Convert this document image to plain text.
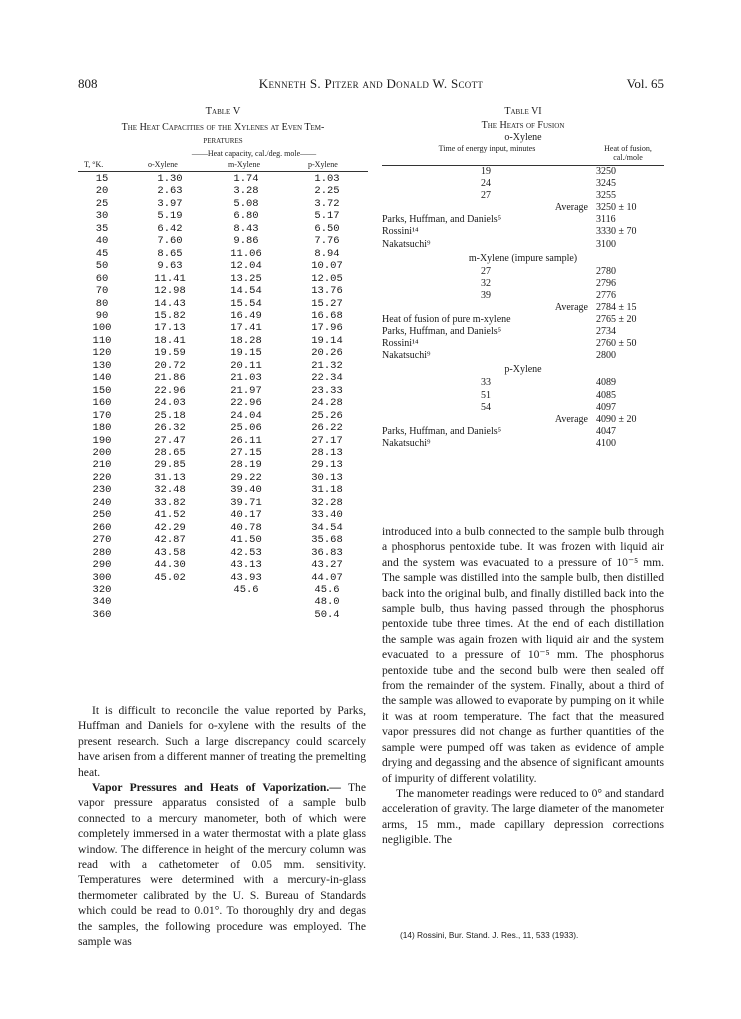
808	Kenneth S. Pitzer and Donald W. Scott	Vol. 65
Table V
The Heat Capacities of the Xylenes at Even Tem-
peratures
——Heat capacity, cal./deg. mole——
T, °K.	o-Xylene	m-Xylene	p-Xylene
15	1.30	1.74	1.03
20	2.63	3.28	2.25
25	3.97	5.08	3.72
30	5.19	6.80	5.17
35	6.42	8.43	6.50
40	7.60	9.86	7.76
45	8.65	11.06	8.94
50	9.63	12.04	10.07
60	11.41	13.25	12.05
70	12.98	14.54	13.76
80	14.43	15.54	15.27
90	15.82	16.49	16.68
100	17.13	17.41	17.96
110	18.41	18.28	19.14
120	19.59	19.15	20.26
130	20.72	20.11	21.32
140	21.86	21.03	22.34
150	22.96	21.97	23.33
160	24.03	22.96	24.28
170	25.18	24.04	25.26
180	26.32	25.06	26.22
190	27.47	26.11	27.17
200	28.65	27.15	28.13
210	29.85	28.19	29.13
220	31.13	29.22	30.13
230	32.48	39.40	31.18
240	33.82	39.71	32.28
250	41.52	40.17	33.40
260	42.29	40.78	34.54
270	42.87	41.50	35.68
280	43.58	42.53	36.83
290	44.30	43.13	43.27
300	45.02	43.93	44.07
320		45.6	45.6
340			48.0
360			50.4
Table VI
The Heats of Fusion
o-Xylene
Time of energy input, minutes	Heat of fusion, cal./mole
19	3250
24	3245
27	3255
Average 3250 ± 10
Parks, Huffman, and Daniels⁵	3116
Rossini¹⁴	3330 ± 70
Nakatsuchi⁹	3100
m-Xylene (impure sample)
27	2780
32	2796
39	2776
Average 2784 ± 15
Heat of fusion of pure m-xylene	2765 ± 20
Parks, Huffman, and Daniels⁵	2734
Rossini¹⁴	2760 ± 50
Nakatsuchi⁹	2800
p-Xylene
33	4089
51	4085
54	4097
Average 4090 ± 20
Parks, Huffman, and Daniels⁵	4047
Nakatsuchi⁹	4100

It is difficult to reconcile the value reported by Parks, Huffman and Daniels for o-xylene with the results of the present research. Such a large discrepancy could scarcely have arisen from a different manner of treating the premelting heat.

Vapor Pressures and Heats of Vaporization.— The vapor pressure apparatus consisted of a sample bulb connected to a mercury manometer, both of which were completely immersed in a water thermostat with a plate glass window. The difference in height of the mercury column was read with a cathetometer of 0.05 mm. sensitivity. Temperatures were determined with a mercury-in-glass thermometer calibrated by the U. S. Bureau of Standards which could be read to 0.01°. To thoroughly dry and degas the samples, the following procedure was employed. The sample was

introduced into a bulb connected to the sample bulb through a phosphorus pentoxide tube. It was frozen with liquid air and the system was evacuated to a pressure of 10⁻⁵ mm. The sample was distilled into the sample bulb, then distilled back into the original bulb, and finally distilled back into the sample bulb, thus having passed through the phosphorus pentoxide tube three times. At the end of each distillation the sample was again frozen with liquid air and the system evacuated to a pressure of 10⁻⁵ mm. The phosphorus pentoxide tube and the second bulb were then sealed off from the remainder of the system. Finally, about a third of the sample was allowed to evaporate by pumping on it while it was at room temperature. The fact that the measured vapor pressures did not change as further quantities of the sample were pumped off was taken as evidence of ample drying and degassing and the absence of significant amounts of impurity of different volatility.

The manometer readings were reduced to 0° and standard acceleration of gravity. The large diameter of the manometer arms, 15 mm., made capillary depression corrections negligible. The

(14) Rossini, Bur. Stand. J. Res., 11, 533 (1933).
